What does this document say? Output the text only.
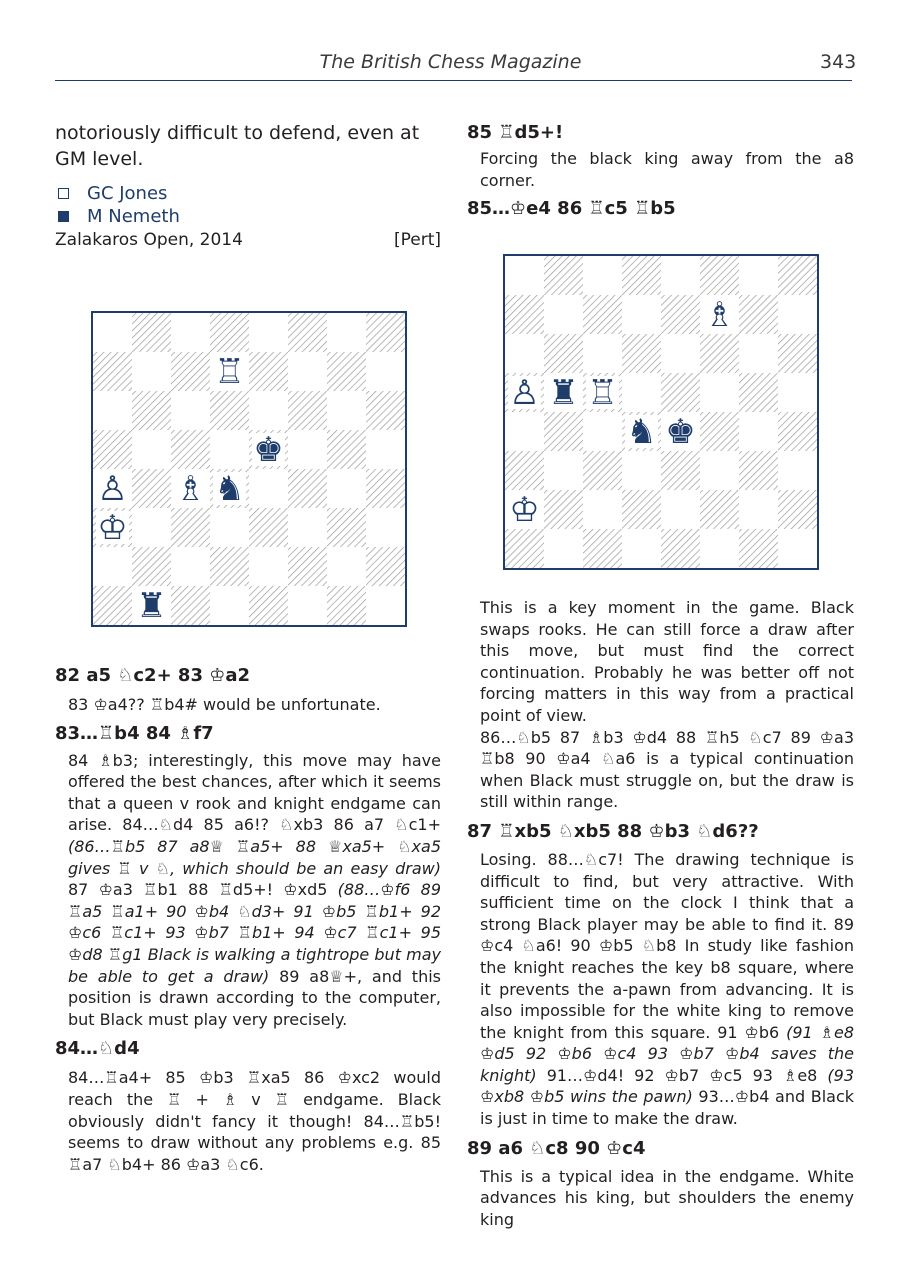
The British Chess Magazine	343

notoriously difficult to defend, even at GM level.

GC Jones
M Nemeth
Zalakaros Open, 2014	[Pert]
♖
♚
♙ ♗ ♞
♔
♜

82 a5 ♘c2+ 83 ♔a2

83 ♔a4?? ♖b4# would be unfortunate.

83…♖b4 84 ♗f7

84 ♗b3; interestingly, this move may have offered the best chances, after which it seems that a queen v rook and knight endgame can arise. 84…♘d4 85 a6!? ♘xb3 86 a7 ♘c1+ (86…♖b5 87 a8♕ ♖a5+ 88 ♕xa5+ ♘xa5 gives ♖ v ♘, which should be an easy draw) 87 ♔a3 ♖b1 88 ♖d5+! ♔xd5 (88…♔f6 89 ♖a5 ♖a1+ 90 ♔b4 ♘d3+ 91 ♔b5 ♖b1+ 92 ♔c6 ♖c1+ 93 ♔b7 ♖b1+ 94 ♔c7 ♖c1+ 95 ♔d8 ♖g1 Black is walking a tightrope but may be able to get a draw) 89 a8♕+, and this position is drawn according to the computer, but Black must play very precisely.

84…♘d4

84…♖a4+ 85 ♔b3 ♖xa5 86 ♔xc2 would reach the ♖ + ♗ v ♖ endgame. Black obviously didn't fancy it though! 84…♖b5! seems to draw without any problems e.g. 85 ♖a7 ♘b4+ 86 ♔a3 ♘c6.

85 ♖d5+!

Forcing the black king away from the a8 corner.

85…♔e4 86 ♖c5 ♖b5

♗
♙ ♜ ♖
♞ ♚
♔

This is a key moment in the game. Black swaps rooks. He can still force a draw after this move, but must find the correct continuation. Probably he was better off not forcing matters in this way from a practical point of view.

86…♘b5 87 ♗b3 ♔d4 88 ♖h5 ♘c7 89 ♔a3 ♖b8 90 ♔a4 ♘a6 is a typical continuation when Black must struggle on, but the draw is still within range.

87 ♖xb5 ♘xb5 88 ♔b3 ♘d6??

Losing. 88…♘c7! The drawing technique is difficult to find, but very attractive. With sufficient time on the clock I think that a strong Black player may be able to find it. 89 ♔c4 ♘a6! 90 ♔b5 ♘b8 In study like fashion the knight reaches the key b8 square, where it prevents the a-pawn from advancing. It is also impossible for the white king to remove the knight from this square. 91 ♔b6 (91 ♗e8 ♔d5 92 ♔b6 ♔c4 93 ♔b7 ♔b4 saves the knight) 91…♔d4! 92 ♔b7 ♔c5 93 ♗e8 (93 ♔xb8 ♔b5 wins the pawn) 93…♔b4 and Black is just in time to make the draw.

89 a6 ♘c8 90 ♔c4

This is a typical idea in the endgame. White advances his king, but shoulders the enemy king
